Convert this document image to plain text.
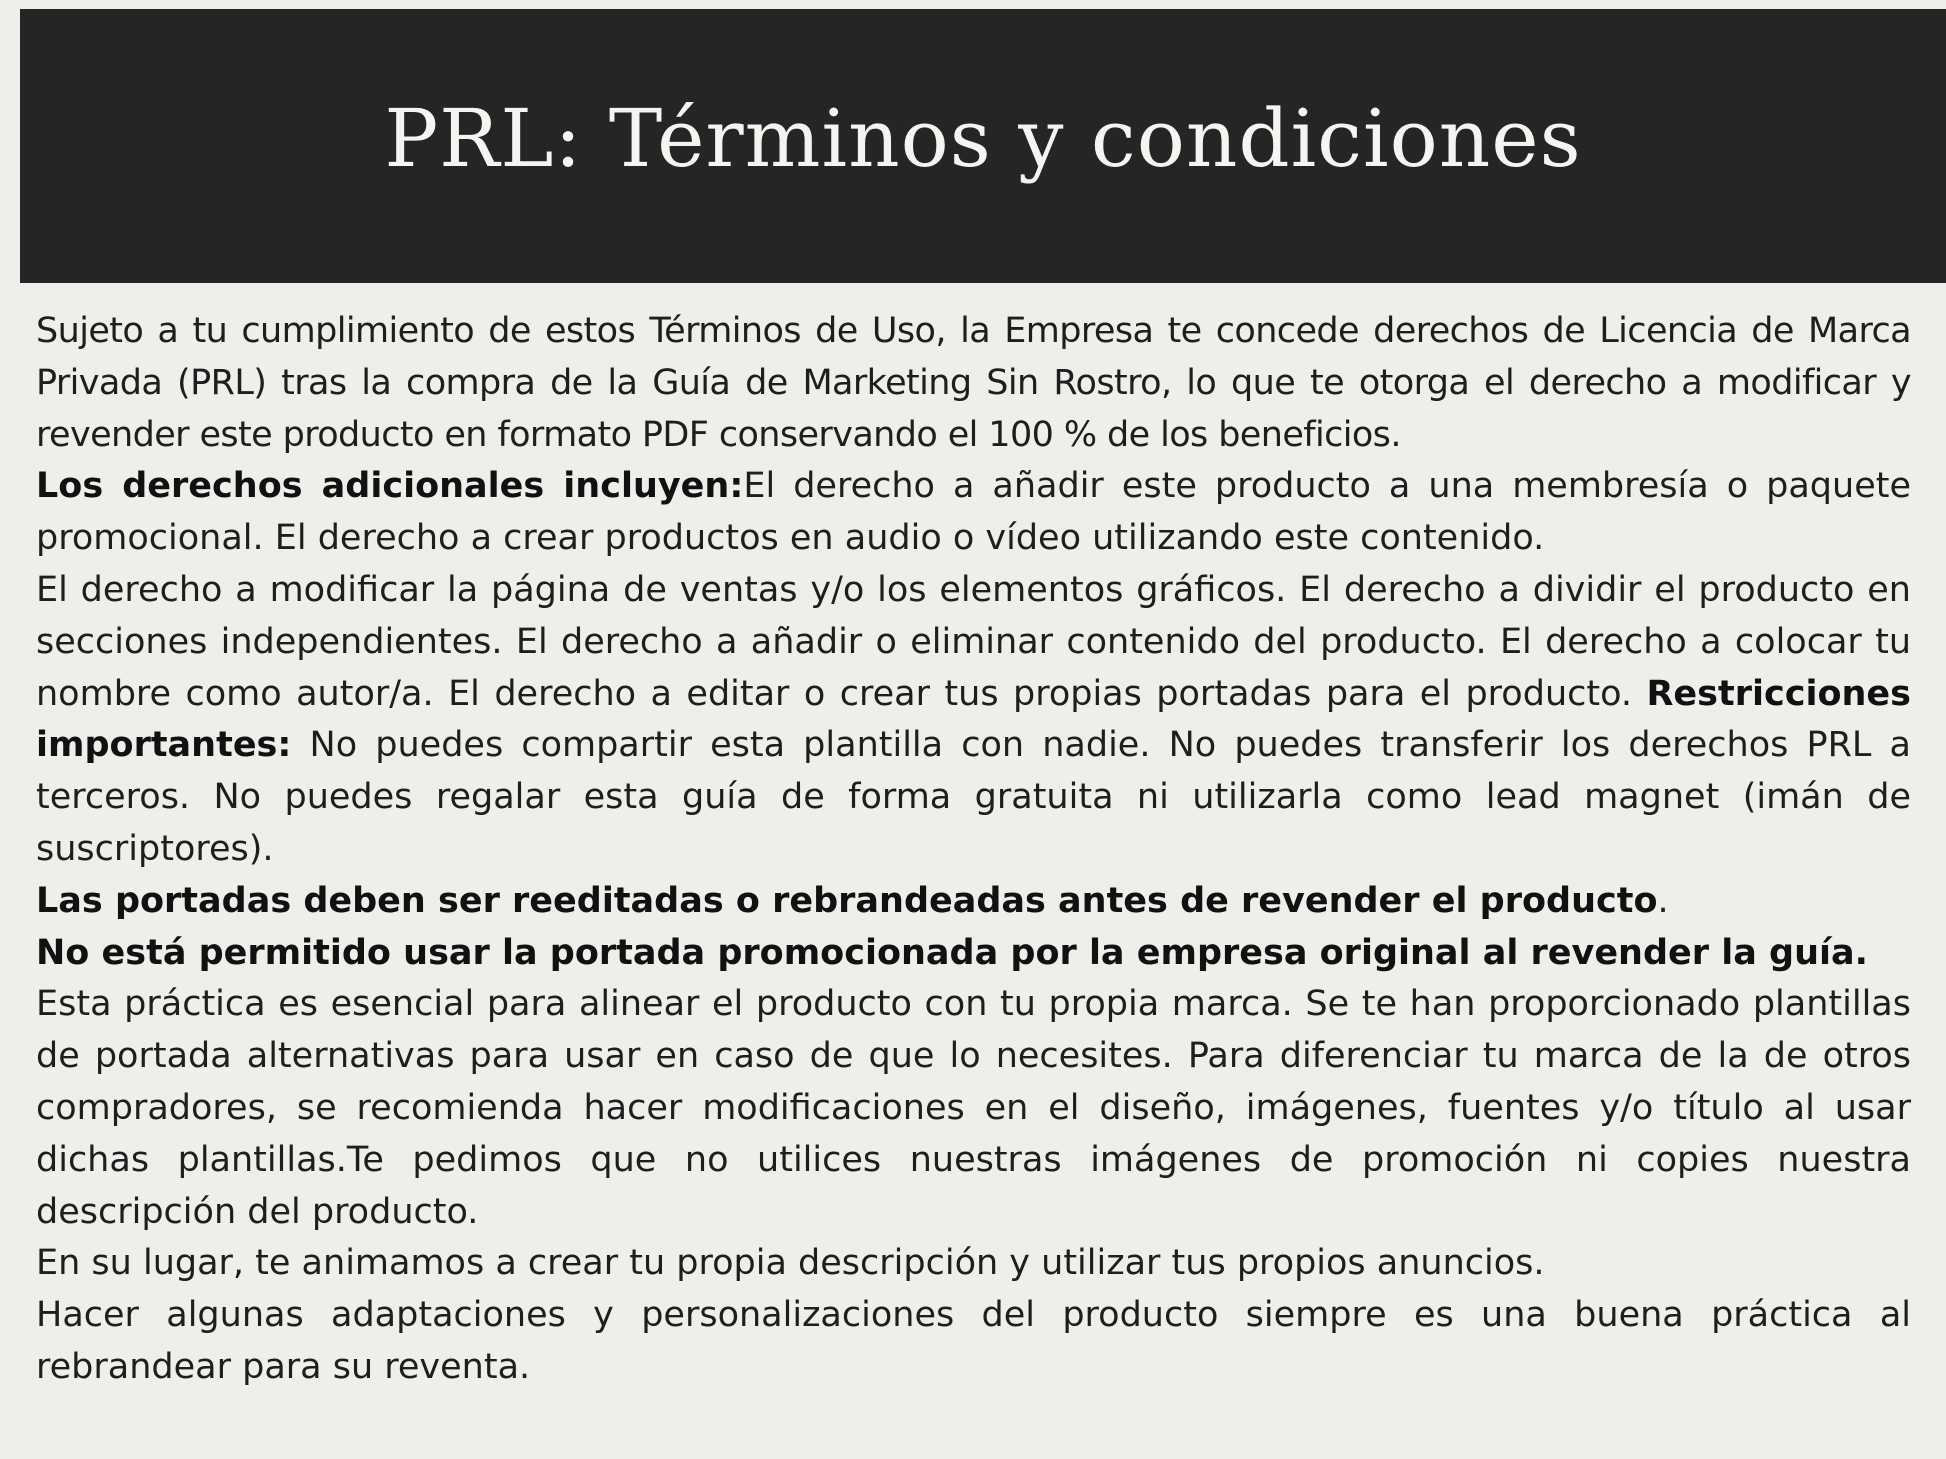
PRL: Términos y condiciones

Sujeto a tu cumplimiento de estos Términos de Uso, la Empresa te concede derechos de Licencia de Marca Privada (PRL) tras la compra de la Guía de Marketing Sin Rostro, lo que te otorga el derecho a modificar y revender este producto en formato PDF conservando el 100 % de los beneficios.

Los derechos adicionales incluyen:El derecho a añadir este producto a una membresía o paquete promocional. El derecho a crear productos en audio o vídeo utilizando este contenido.

El derecho a modificar la página de ventas y/o los elementos gráficos. El derecho a dividir el producto en secciones independientes. El derecho a añadir o eliminar contenido del producto. El derecho a colocar tu nombre como autor/a. El derecho a editar o crear tus propias portadas para el producto. Restricciones importantes: No puedes compartir esta plantilla con nadie. No puedes transferir los derechos PRL a terceros. No puedes regalar esta guía de forma gratuita ni utilizarla como lead magnet (imán de suscriptores).

Las portadas deben ser reeditadas o rebrandeadas antes de revender el producto.

No está permitido usar la portada promocionada por la empresa original al revender la guía.

Esta práctica es esencial para alinear el producto con tu propia marca. Se te han proporcionado plantillas de portada alternativas para usar en caso de que lo necesites. Para diferenciar tu marca de la de otros compradores, se recomienda hacer modificaciones en el diseño, imágenes, fuentes y/o título al usar dichas plantillas.Te pedimos que no utilices nuestras imágenes de promoción ni copies nuestra descripción del producto.

En su lugar, te animamos a crear tu propia descripción y utilizar tus propios anuncios.

Hacer algunas adaptaciones y personalizaciones del producto siempre es una buena práctica al rebrandear para su reventa.
